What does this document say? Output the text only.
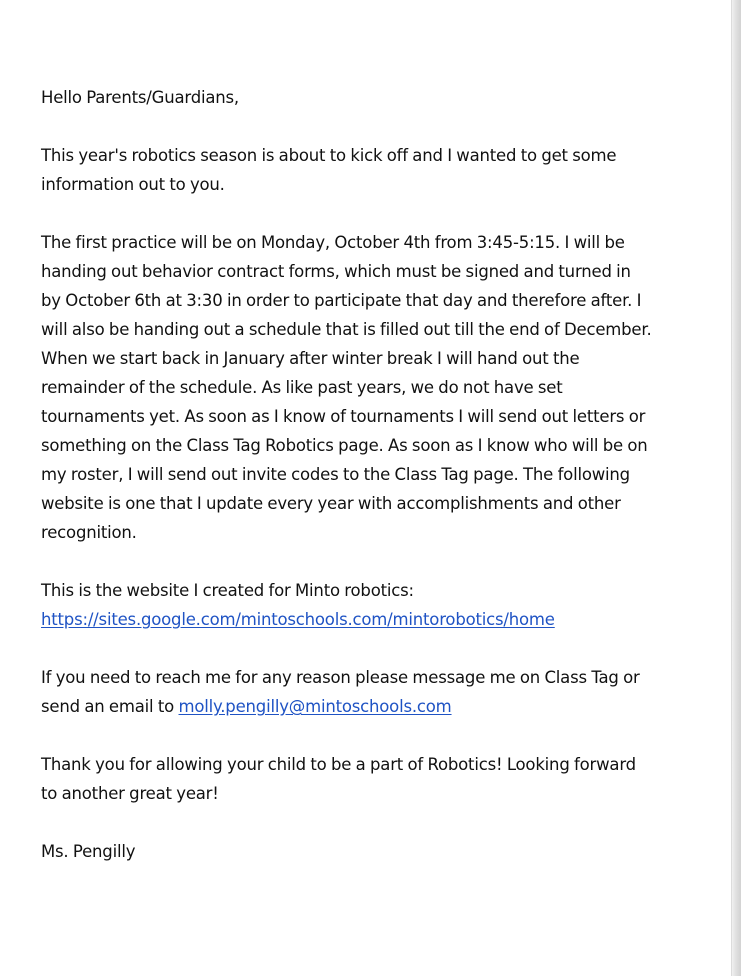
Hello Parents/Guardians,

This year's robotics season is about to kick off and I wanted to get some information out to you.

The first practice will be on Monday, October 4th from 3:45-5:15. I will be handing out behavior contract forms, which must be signed and turned in by October 6th at 3:30 in order to participate that day and therefore after. I will also be handing out a schedule that is filled out till the end of December. When we start back in January after winter break I will hand out the remainder of the schedule. As like past years, we do not have set tournaments yet. As soon as I know of tournaments I will send out letters or something on the Class Tag Robotics page. As soon as I know who will be on my roster, I will send out invite codes to the Class Tag page. The following website is one that I update every year with accomplishments and other recognition.

This is the website I created for Minto robotics:
https://sites.google.com/mintoschools.com/mintorobotics/home

If you need to reach me for any reason please message me on Class Tag or send an email to molly.pengilly@mintoschools.com

Thank you for allowing your child to be a part of Robotics! Looking forward to another great year!

Ms. Pengilly
